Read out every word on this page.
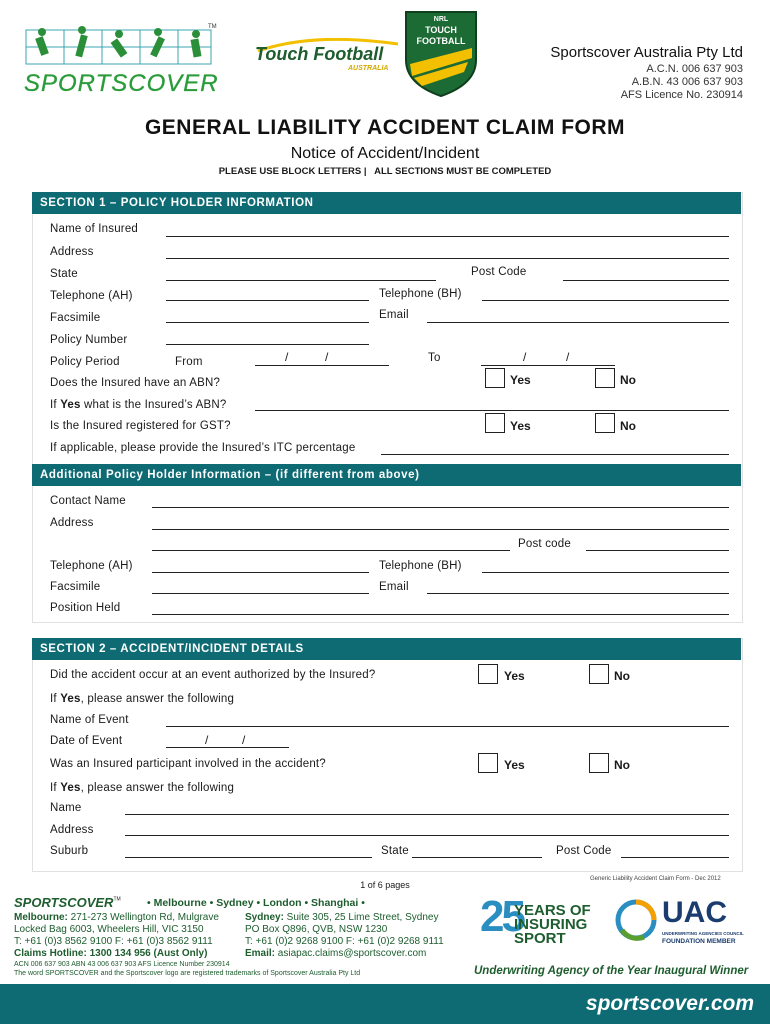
TM
SPORTSCOVER
Touch Football
AUSTRALIA
NRL
TOUCH
FOOTBALL
Sportscover Australia Pty Ltd
A.C.N. 006 637 903
A.B.N. 43 006 637 903
AFS Licence No. 230914
GENERAL LIABILITY ACCIDENT CLAIM FORM
Notice of Accident/Incident
PLEASE USE BLOCK LETTERS |   ALL SECTIONS MUST BE COMPLETED
SECTION 1 – POLICY HOLDER INFORMATION
Name of Insured
Address
State	Post Code
Telephone (AH)	Telephone (BH)
Facsimile	Email
Policy Number
Policy Period	From	/	/	To	/	/
Does the Insured have an ABN?	Yes	No
If Yes what is the Insured’s ABN?
Is the Insured registered for GST?	Yes	No
If applicable, please provide the Insured’s ITC percentage
Additional Policy Holder Information – (if different from above)
Contact Name
Address
Post code
Telephone (AH)	Telephone (BH)
Facsimile	Email
Position Held
SECTION 2 – ACCIDENT/INCIDENT DETAILS
Did the accident occur at an event authorized by the Insured?	Yes	No
If Yes, please answer the following
Name of Event
Date of Event	/	/
Was an Insured participant involved in the accident?	Yes	No
If Yes, please answer the following
Name
Address
Suburb	State	Post Code
1 of 6 pages
Generic Liability Accident Claim Form - Dec 2012
SPORTSCOVER™	• Melbourne • Sydney • London • Shanghai •
Melbourne: 271-273 Wellington Rd, Mulgrave
Locked Bag 6003, Wheelers Hill, VIC 3150
T: +61 (0)3 8562 9100 F: +61 (0)3 8562 9111
Sydney: Suite 305, 25 Lime Street, Sydney
PO Box Q896, QVB, NSW 1230
T: +61 (0)2 9268 9100 F: +61 (0)2 9268 9111
Claims Hotline: 1300 134 956 (Aust Only)	Email: asiapac.claims@sportscover.com
ACN 006 637 903 ABN 43 006 637 903 AFS Licence Number 230914
The word SPORTSCOVER and the Sportscover logo are registered trademarks of Sportscover Australia Pty Ltd
25
YEARS OF
INSURING
SPORT
UAC
UNDERWRITING AGENCIES COUNCIL
FOUNDATION MEMBER
Underwriting Agency of the Year Inaugural Winner
sportscover.com
